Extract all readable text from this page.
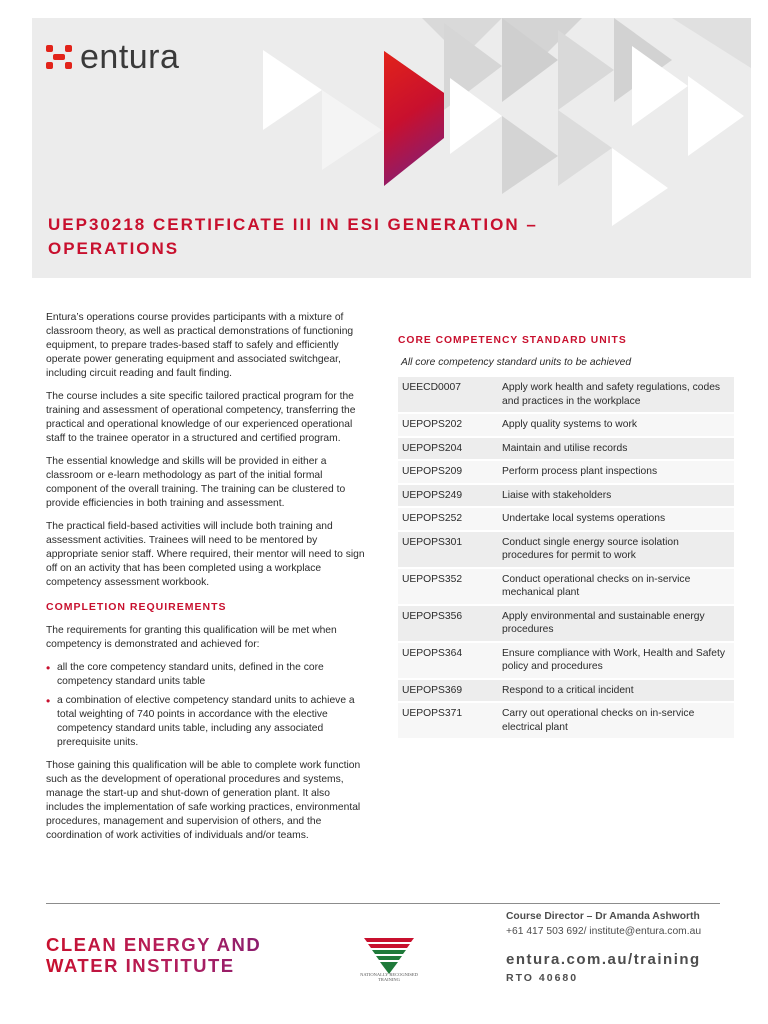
entura
UEP30218 CERTIFICATE III IN ESI GENERATION – OPERATIONS

Entura’s operations course provides participants with a mixture of classroom theory, as well as practical demonstrations of functioning equipment, to prepare trades-based staff to safely and efficiently operate power generating equipment and associated switchgear, including circuit reading and fault finding.

The course includes a site specific tailored practical program for the training and assessment of operational competency, transferring the practical and operational knowledge of our experienced operational staff to the trainee operator in a structured and certified program.

The essential knowledge and skills will be provided in either a classroom or e-learn methodology as part of the initial formal component of the overall training. The training can be clustered to provide efficiencies in both training and assessment.

The practical field-based activities will include both training and assessment activities. Trainees will need to be mentored by appropriate senior staff. Where required, their mentor will need to sign off on an activity that has been completed using a workplace competency assessment workbook.

COMPLETION REQUIREMENTS

The requirements for granting this qualification will be met when competency is demonstrated and achieved for:

• all the core competency standard units, defined in the core competency standard units table
• a combination of elective competency standard units to achieve a total weighting of 740 points in accordance with the elective competency standard units table, including any associated prerequisite units.

Those gaining this qualification will be able to complete work function such as the development of operational procedures and systems, manage the start-up and shut-down of generation plant. It also includes the implementation of safe working practices, environmental procedures, management and supervision of others, and the coordination of work activities of individuals and/or teams.

CORE COMPETENCY STANDARD UNITS
All core competency standard units to be achieved
UEECD0007	Apply work health and safety regulations, codes and practices in the workplace
UEPOPS202	Apply quality systems to work
UEPOPS204	Maintain and utilise records
UEPOPS209	Perform process plant inspections
UEPOPS249	Liaise with stakeholders
UEPOPS252	Undertake local systems operations
UEPOPS301	Conduct single energy source isolation procedures for permit to work
UEPOPS352	Conduct operational checks on in-service mechanical plant
UEPOPS356	Apply environmental and sustainable energy procedures
UEPOPS364	Ensure compliance with Work, Health and Safety policy and procedures
UEPOPS369	Respond to a critical incident
UEPOPS371	Carry out operational checks on in-service electrical plant
CLEAN ENERGY AND
WATER INSTITUTE	NATIONALLY RECOGNISED TRAINING
Course Director – Dr Amanda Ashworth
+61 417 503 692/ institute@entura.com.au
entura.com.au/training
RTO 40680
